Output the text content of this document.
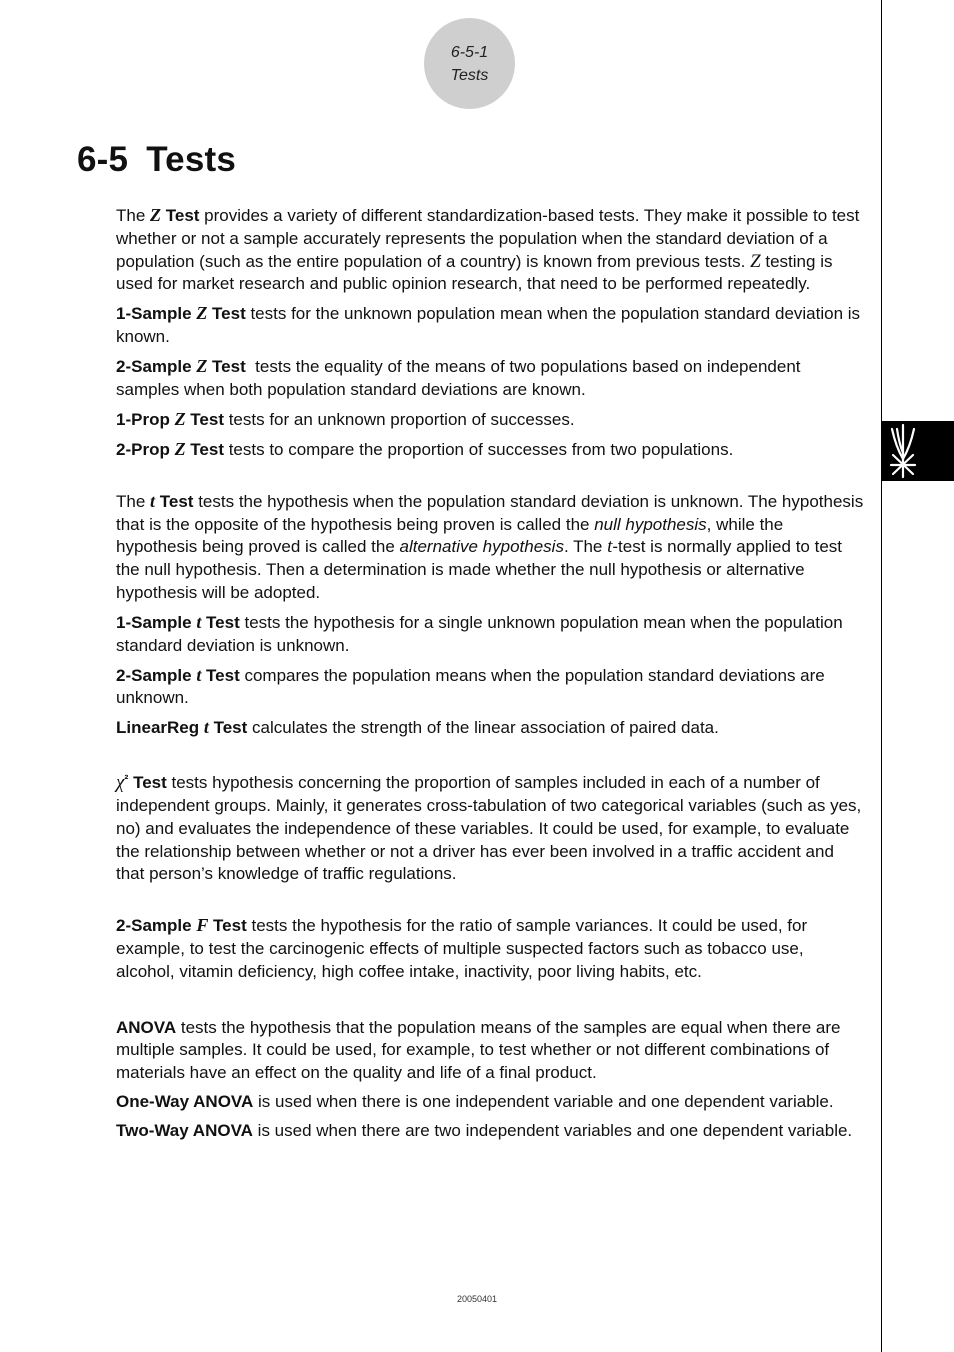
6-5-1
Tests
6-5 Tests

The Z Test provides a variety of different standardization-based tests. They make it possible to test whether or not a sample accurately represents the population when the standard deviation of a population (such as the entire population of a country) is known from previous tests. Z testing is used for market research and public opinion research, that need to be performed repeatedly.

1-Sample Z Test tests for the unknown population mean when the population standard deviation is known.

2-Sample Z Test  tests the equality of the means of two populations based on independent samples when both population standard deviations are known.

1-Prop Z Test tests for an unknown proportion of successes.

2-Prop Z Test tests to compare the proportion of successes from two populations.

The t Test tests the hypothesis when the population standard deviation is unknown. The hypothesis that is the opposite of the hypothesis being proven is called the null hypothesis, while the hypothesis being proved is called the alternative hypothesis. The t-test is normally applied to test the null hypothesis. Then a determination is made whether the null hypothesis or alternative hypothesis will be adopted.

1-Sample t Test tests the hypothesis for a single unknown population mean when the population standard deviation is unknown.

2-Sample t Test compares the population means when the population standard deviations are unknown.

LinearReg t Test calculates the strength of the linear association of paired data.

$\chi^{^2}$ Test tests hypothesis concerning the proportion of samples included in each of a number of independent groups. Mainly, it generates cross-tabulation of two categorical variables (such as yes, no) and evaluates the independence of these variables. It could be used, for example, to evaluate the relationship between whether or not a driver has ever been involved in a traffic accident and that person’s knowledge of traffic regulations.

2-Sample F Test tests the hypothesis for the ratio of sample variances. It could be used, for example, to test the carcinogenic effects of multiple suspected factors such as tobacco use, alcohol, vitamin deficiency, high coffee intake, inactivity, poor living habits, etc.

ANOVA tests the hypothesis that the population means of the samples are equal when there are multiple samples. It could be used, for example, to test whether or not different combinations of materials have an effect on the quality and life of a final product.

One-Way ANOVA is used when there is one independent variable and one dependent variable.

Two-Way ANOVA is used when there are two independent variables and one dependent variable.

20050401
